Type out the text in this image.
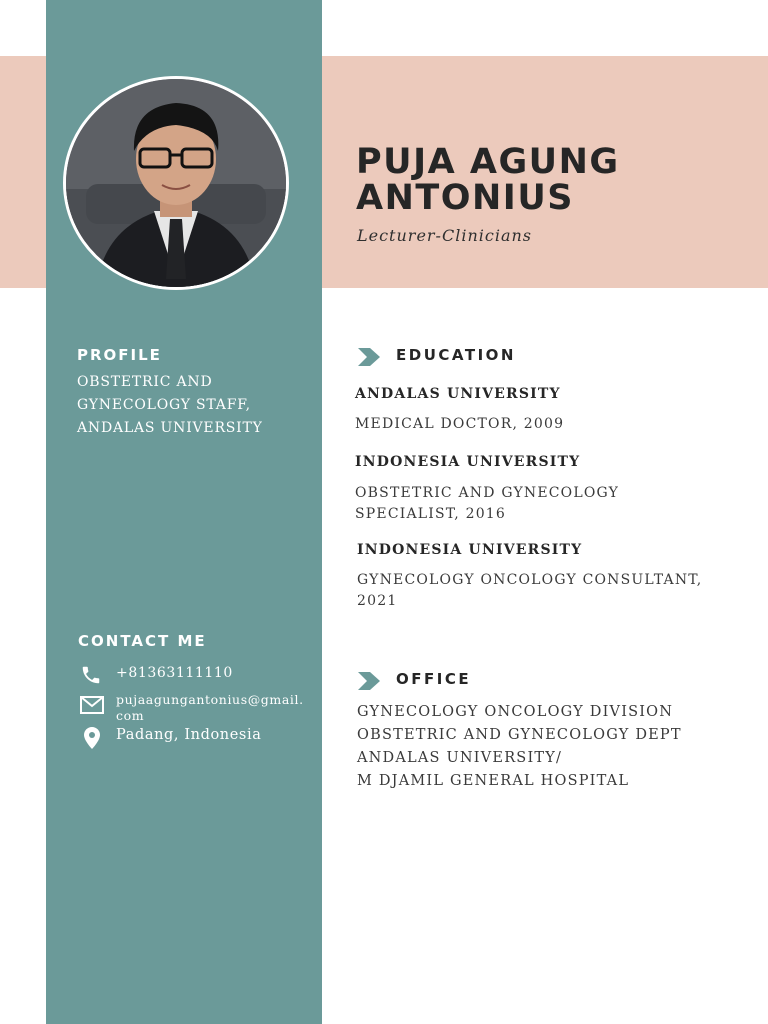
PUJA AGUNG
ANTONIUS
Lecturer-Clinicians
PROFILE
OBSTETRIC AND
GYNECOLOGY STAFF,
ANDALAS UNIVERSITY
CONTACT ME
+81363111110
pujaagungantonius@gmail.
com
Padang, Indonesia
EDUCATION
ANDALAS UNIVERSITY
MEDICAL DOCTOR, 2009
INDONESIA UNIVERSITY
OBSTETRIC AND GYNECOLOGY
SPECIALIST, 2016
INDONESIA UNIVERSITY
GYNECOLOGY ONCOLOGY CONSULTANT,
2021
OFFICE
GYNECOLOGY ONCOLOGY DIVISION
OBSTETRIC AND GYNECOLOGY DEPT
ANDALAS UNIVERSITY/
M DJAMIL GENERAL HOSPITAL
